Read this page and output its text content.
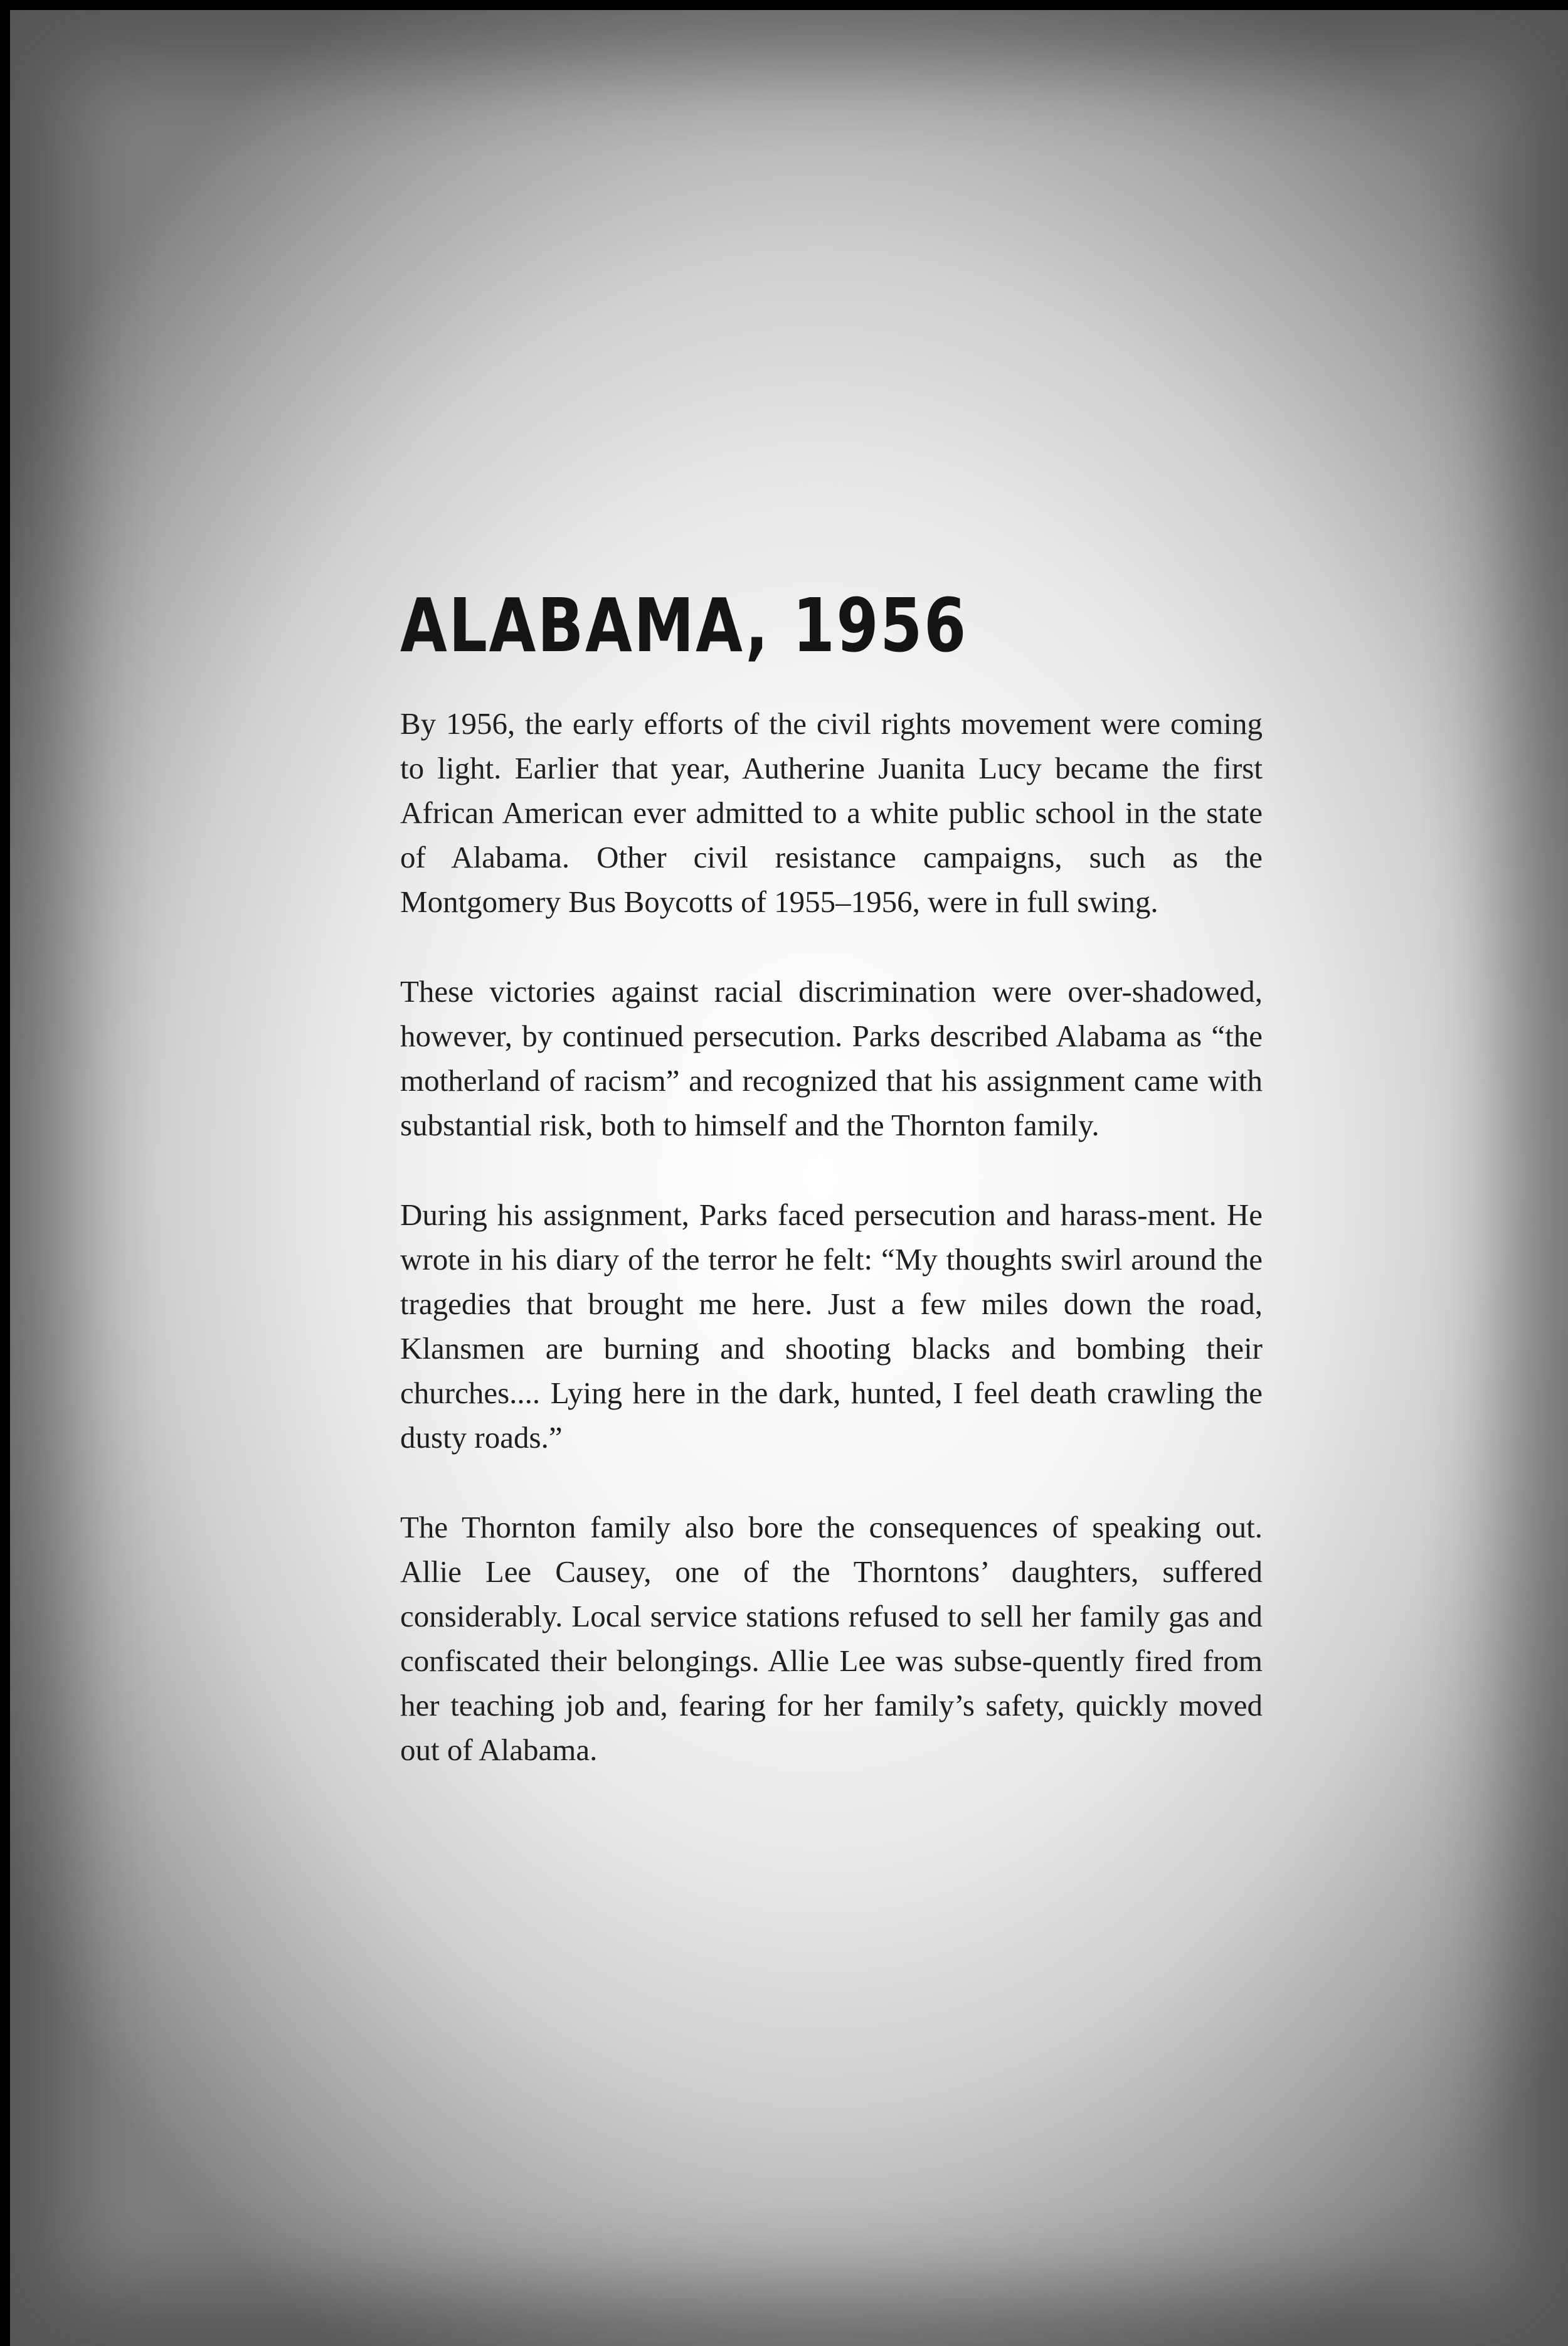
ALABAMA, 1956

By 1956, the early efforts of the civil rights movement were coming to light. Earlier that year, Autherine Juanita Lucy became the first African American ever admitted to a white public school in the state of Alabama. Other civil resistance campaigns, such as the Montgomery Bus Boycotts of 1955–1956, were in full swing.

These victories against racial discrimination were over-shadowed, however, by continued persecution. Parks described Alabama as “the motherland of racism” and recognized that his assignment came with substantial risk, both to himself and the Thornton family.

During his assignment, Parks faced persecution and harass-ment. He wrote in his diary of the terror he felt: “My thoughts swirl around the tragedies that brought me here. Just a few miles down the road, Klansmen are burning and shooting blacks and bombing their churches.... Lying here in the dark, hunted, I feel death crawling the dusty roads.”

The Thornton family also bore the consequences of speaking out. Allie Lee Causey, one of the Thorntons’ daughters, suffered considerably. Local service stations refused to sell her family gas and confiscated their belongings. Allie Lee was subse-quently fired from her teaching job and, fearing for her family’s safety, quickly moved out of Alabama.
